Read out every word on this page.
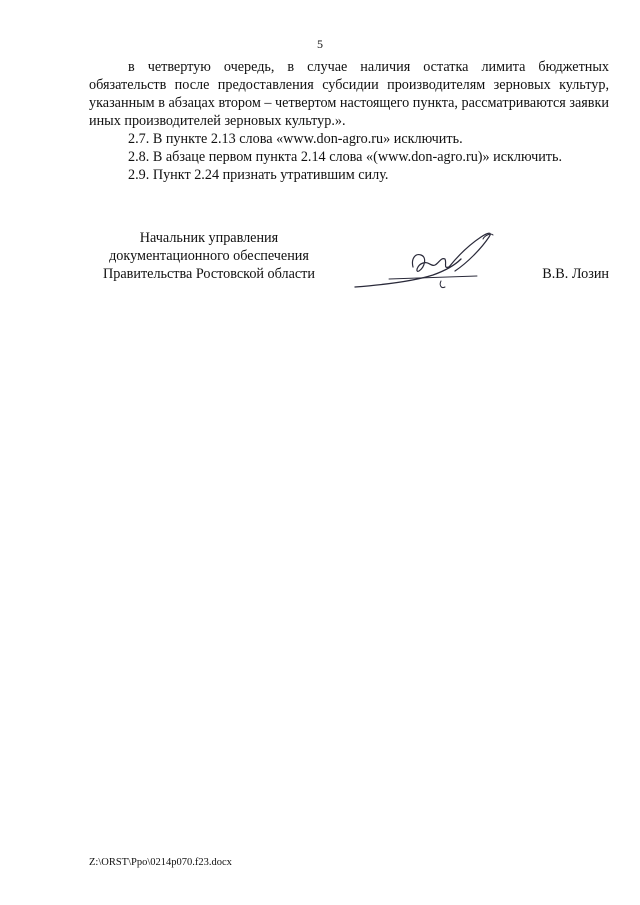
5

в четвертую очередь, в случае наличия остатка лимита бюджетных обязательств после предоставления субсидии производителям зерновых культур, указанным в абзацах втором – четвертом настоящего пункта, рассматриваются заявки иных производителей зерновых культур.».

2.7. В пункте 2.13 слова «www.don-agro.ru» исключить.

2.8. В абзаце первом пункта 2.14 слова «(www.don-agro.ru)» исключить.

2.9. Пункт 2.24 признать утратившим силу.

Начальник управления
документационного обеспечения
Правительства Ростовской области	В.В. Лозин
Z:\ORST\Ppo\0214p070.f23.docx
